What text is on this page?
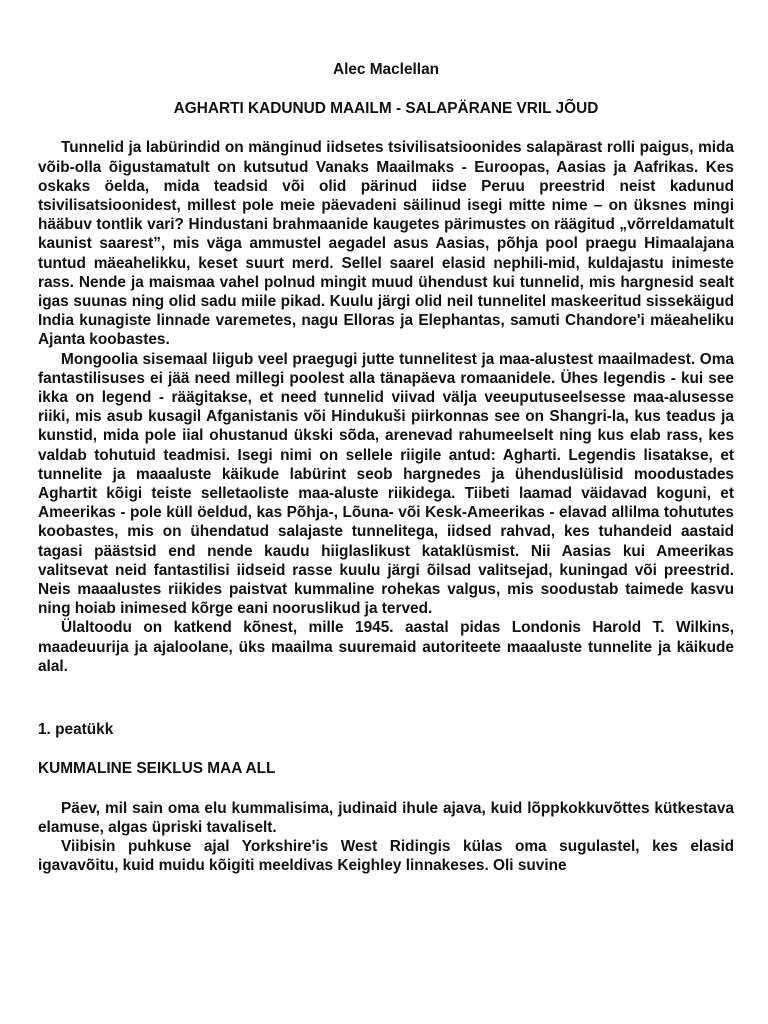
Alec Maclellan

AGHARTI KADUNUD MAAILM - SALAPÄRANE VRIL JÕUD

Tunnelid ja labürindid on mänginud iidsetes tsivilisatsioonides salapärast rolli paigus, mida võib-olla õigustamatult on kutsutud Vanaks Maailmaks - Euroopas, Aasias ja Aafrikas. Kes oskaks öelda, mida teadsid või olid pärinud iidse Peruu preestrid neist kadunud tsivilisatsioonidest, millest pole meie päevadeni säilinud isegi mitte nime – on üksnes mingi hääbuv tontlik vari? Hindustani brahmaanide kaugetes pärimustes on räägitud „võrreldamatult kaunist saarest”, mis väga ammustel aegadel asus Aasias, põhja pool praegu Himaalajana tuntud mäeahelikku, keset suurt merd. Sellel saarel elasid nephili-mid, kuldajastu inimeste rass. Nende ja maismaa vahel polnud mingit muud ühendust kui tunnelid, mis hargnesid sealt igas suunas ning olid sadu miile pikad. Kuulu järgi olid neil tunnelitel maskeeritud sissekäigud India kunagiste linnade varemetes, nagu Elloras ja Elephantas, samuti Chandore'i mäeaheliku Ajanta koobastes.

Mongoolia sisemaal liigub veel praegugi jutte tunnelitest ja maa-alustest maailmadest. Oma fantastilisuses ei jää need millegi poolest alla tänapäeva romaanidele. Ühes legendis - kui see ikka on legend - räägitakse, et need tunnelid viivad välja veeuputuseelsesse maa-alusesse riiki, mis asub kusagil Afganistanis või Hindukuši piirkonnas see on Shangri-la, kus teadus ja kunstid, mida pole iial ohustanud ükski sõda, arenevad rahumeelselt ning kus elab rass, kes valdab tohutuid teadmisi. Isegi nimi on sellele riigile antud: Agharti. Legendis lisatakse, et tunnelite ja maaaluste käikude labürint seob hargnedes ja ühenduslülisid moodustades Aghartit kõigi teiste selletaoliste maa-aluste riikidega. Tiibeti laamad väidavad koguni, et Ameerikas - pole küll öeldud, kas Põhja-, Lõuna- või Kesk-Ameerikas - elavad allilma tohututes koobastes, mis on ühendatud salajaste tunnelitega, iidsed rahvad, kes tuhandeid aastaid tagasi päästsid end nende kaudu hiiglaslikust kataklüsmist. Nii Aasias kui Ameerikas valitsevat neid fantastilisi iidseid rasse kuulu järgi õilsad valitsejad, kuningad või preestrid. Neis maaalustes riikides paistvat kummaline rohekas valgus, mis soodustab taimede kasvu ning hoiab inimesed kõrge eani nooruslikud ja terved.

Ülaltoodu on katkend kõnest, mille 1945. aastal pidas Londonis Harold T. Wilkins, maadeuurija ja ajaloolane, üks maailma suuremaid autoriteete maaaluste tunnelite ja käikude alal.

1. peatükk

KUMMALINE SEIKLUS MAA ALL

Päev, mil sain oma elu kummalisima, judinaid ihule ajava, kuid lõppkokkuvõttes kütkestava elamuse, algas üpriski tavaliselt.

Viibisin puhkuse ajal Yorkshire'is West Ridingis külas oma sugulastel, kes elasid igavavõitu, kuid muidu kõigiti meeldivas Keighley linnakeses. Oli suvine
